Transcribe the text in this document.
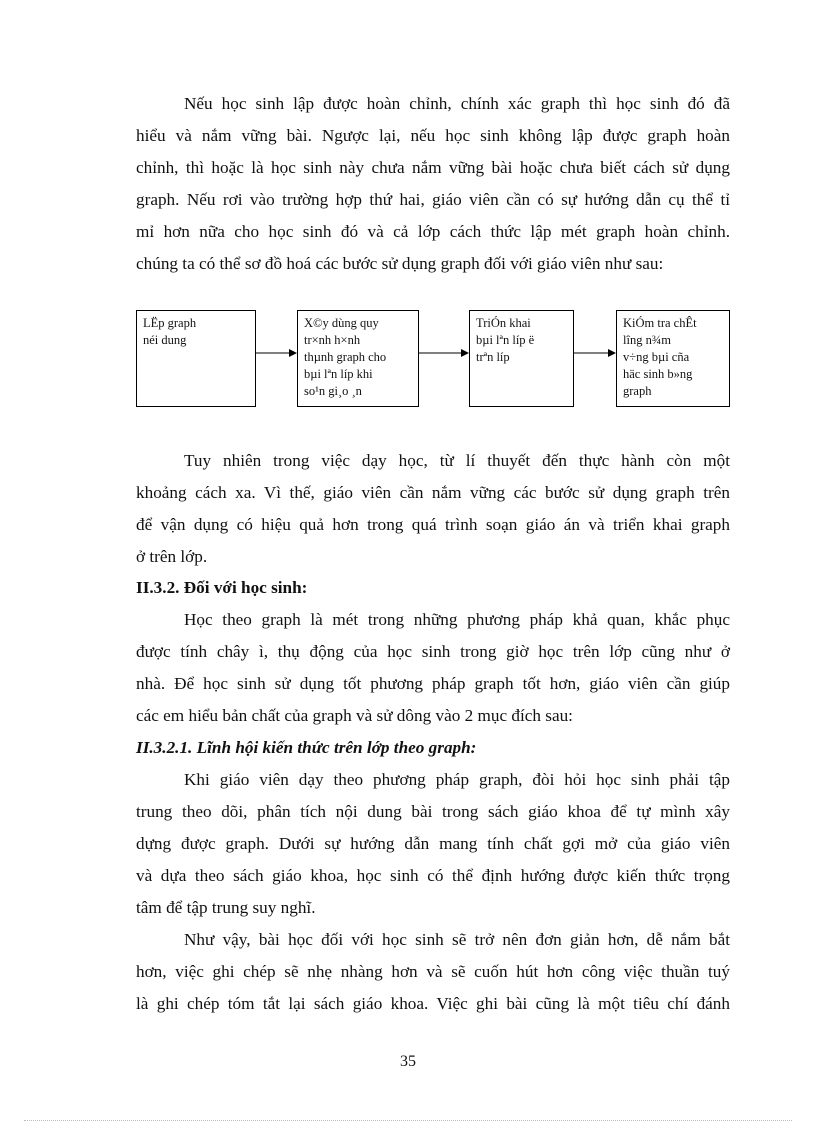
Nếu học sinh lập được hoàn chỉnh, chính xác graph thì học sinh đó đã
hiểu và nắm vững bài. Ngược lại, nếu học sinh không lập được graph hoàn
chỉnh, thì hoặc là học sinh này chưa nắm vững bài hoặc chưa biết cách sử dụng
graph. Nếu rơi vào trường hợp thứ hai, giáo viên cần có sự hướng dẫn cụ thể tỉ
mỉ hơn nữa cho học sinh đó và cả lớp cách thức lập mét graph hoàn chỉnh.
chúng ta có thể sơ đồ hoá các bước sử dụng graph đối với giáo viên như sau:
LËp graph
néi dung
X©y dùng quy
tr×nh h×nh
thµnh graph cho
bµi lªn líp khi
so¹n gi¸o ¸n
TriÓn khai
bµi lªn líp ë
trªn líp
KiÓm tra chÊt
lîng n¾m
v÷ng bµi cña
häc sinh b»ng
graph
Tuy nhiên trong việc dạy học, từ lí thuyết đến thực hành còn một
khoảng cách xa. Vì thế, giáo viên cần nắm vững các bước sử dụng graph trên
để vận dụng có hiệu quả hơn trong quá trình soạn giáo án và triển khai graph
ở trên lớp.
II.3.2. Đối với học sinh:
Học theo graph là mét trong những phương pháp khả quan, khắc phục
được tính chây ì, thụ động của học sinh trong giờ học trên lớp cũng như ở
nhà. Để học sinh sử dụng tốt phương pháp graph tốt hơn, giáo viên cần giúp
các em hiểu bản chất của graph và sử dông vào 2 mục đích sau:
II.3.2.1. Lĩnh hội kiến thức trên lớp theo graph:
Khi giáo viên dạy theo phương pháp graph, đòi hỏi học sinh phải tập
trung theo dõi, phân tích nội dung bài trong sách giáo khoa để tự mình xây
dựng được graph. Dưới sự hướng dẫn mang tính chất gợi mở của giáo viên
và dựa theo sách giáo khoa, học sinh có thể định hướng được kiến thức trọng
tâm để tập trung suy nghĩ.
Như vậy, bài học đối với học sinh sẽ trở nên đơn giản hơn, dễ nắm bắt
hơn, việc ghi chép sẽ nhẹ nhàng hơn và sẽ cuốn hút hơn công việc thuần tuý
là ghi chép tóm tắt lại sách giáo khoa. Việc ghi bài cũng là một tiêu chí đánh
35
